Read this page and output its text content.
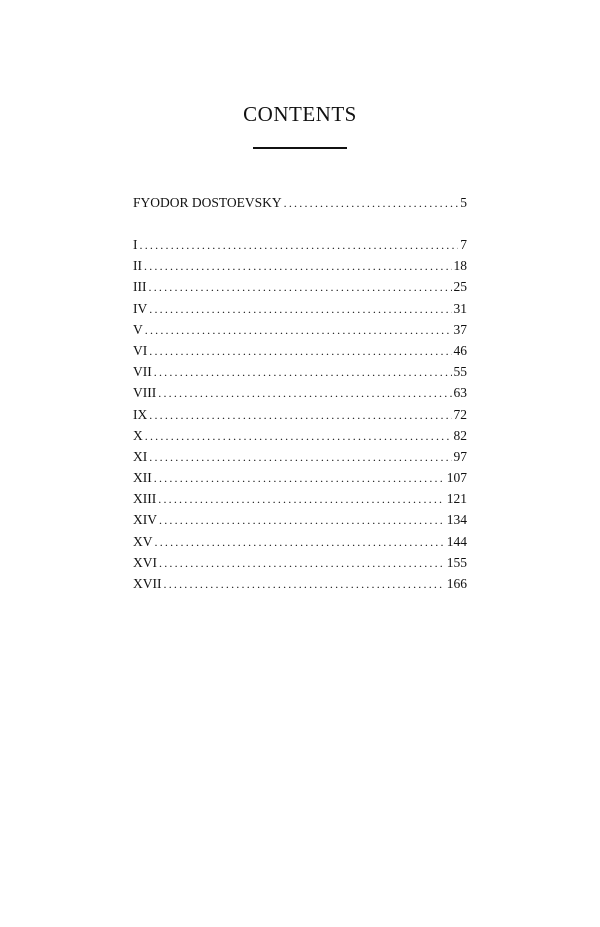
CONTENTS
FYODOR DOSTOEVSKY .....	5
I .....	7
II .....	18
III .....	25
IV .....	31
V .....	37
VI .....	46
VII .....	55
VIII .....	63
IX .....	72
X .....	82
XI .....	97
XII .....	107
XIII .....	121
XIV .....	134
XV .....	144
XVI .....	155
XVII .....	166
